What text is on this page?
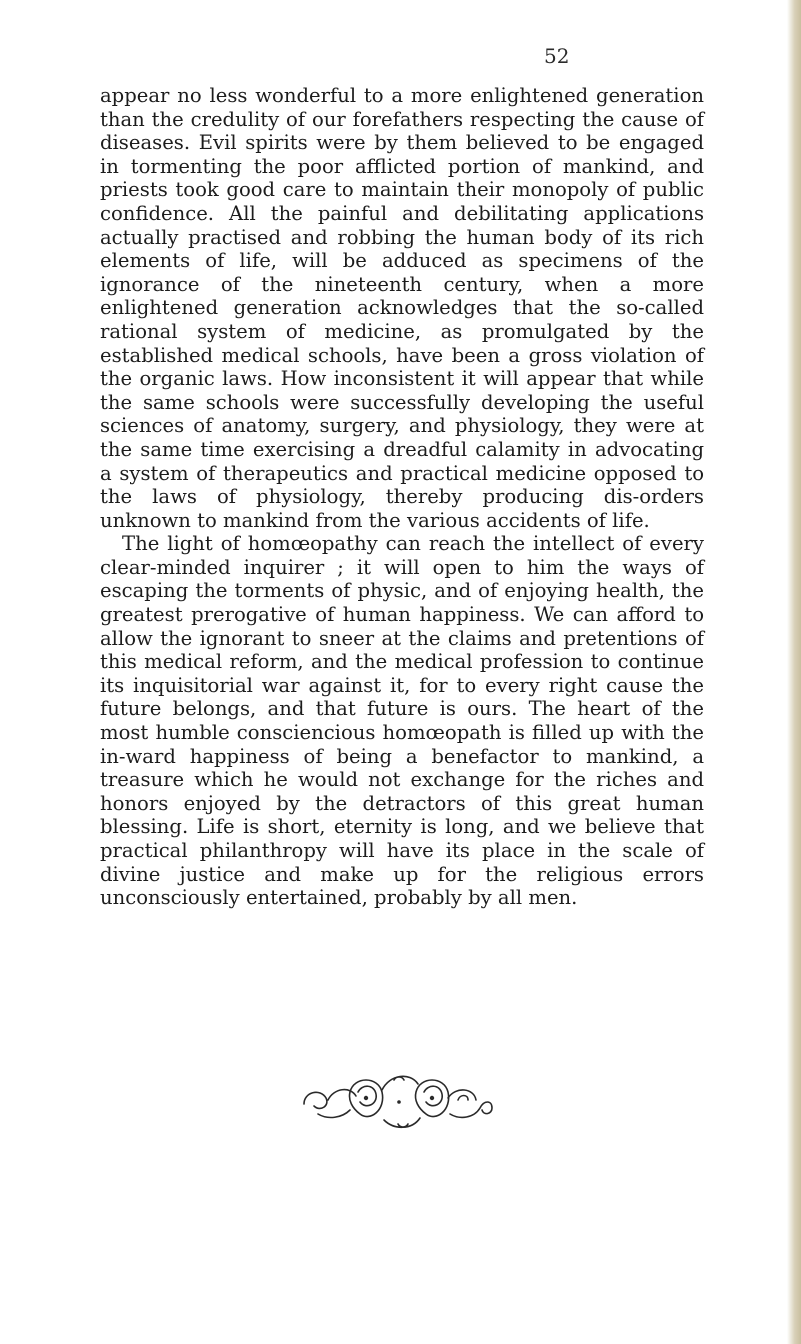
52

appear no less wonderful to a more enlightened generation than the credulity of our forefathers respecting the cause of diseases. Evil spirits were by them believed to be engaged in tormenting the poor afflicted portion of mankind, and priests took good care to maintain their monopoly of public confidence. All the painful and debilitating applications actually practised and robbing the human body of its rich elements of life, will be adduced as specimens of the ignorance of the nineteenth century, when a more enlightened generation acknowledges that the so-called rational system of medicine, as promulgated by the established medical schools, have been a gross violation of the organic laws. How inconsistent it will appear that while the same schools were successfully developing the useful sciences of anatomy, surgery, and physiology, they were at the same time exercising a dreadful calamity in advocating a system of therapeutics and practical medicine opposed to the laws of physiology, thereby producing dis-orders unknown to mankind from the various accidents of life.

The light of homœopathy can reach the intellect of every clear-minded inquirer ; it will open to him the ways of escaping the torments of physic, and of enjoying health, the greatest prerogative of human happiness. We can afford to allow the ignorant to sneer at the claims and pretentions of this medical reform, and the medical profession to continue its inquisitorial war against it, for to every right cause the future belongs, and that future is ours. The heart of the most humble consciencious homœopath is filled up with the in-ward happiness of being a benefactor to mankind, a treasure which he would not exchange for the riches and honors enjoyed by the detractors of this great human blessing. Life is short, eternity is long, and we believe that practical philanthropy will have its place in the scale of divine justice and make up for the religious errors unconsciously entertained, probably by all men.
